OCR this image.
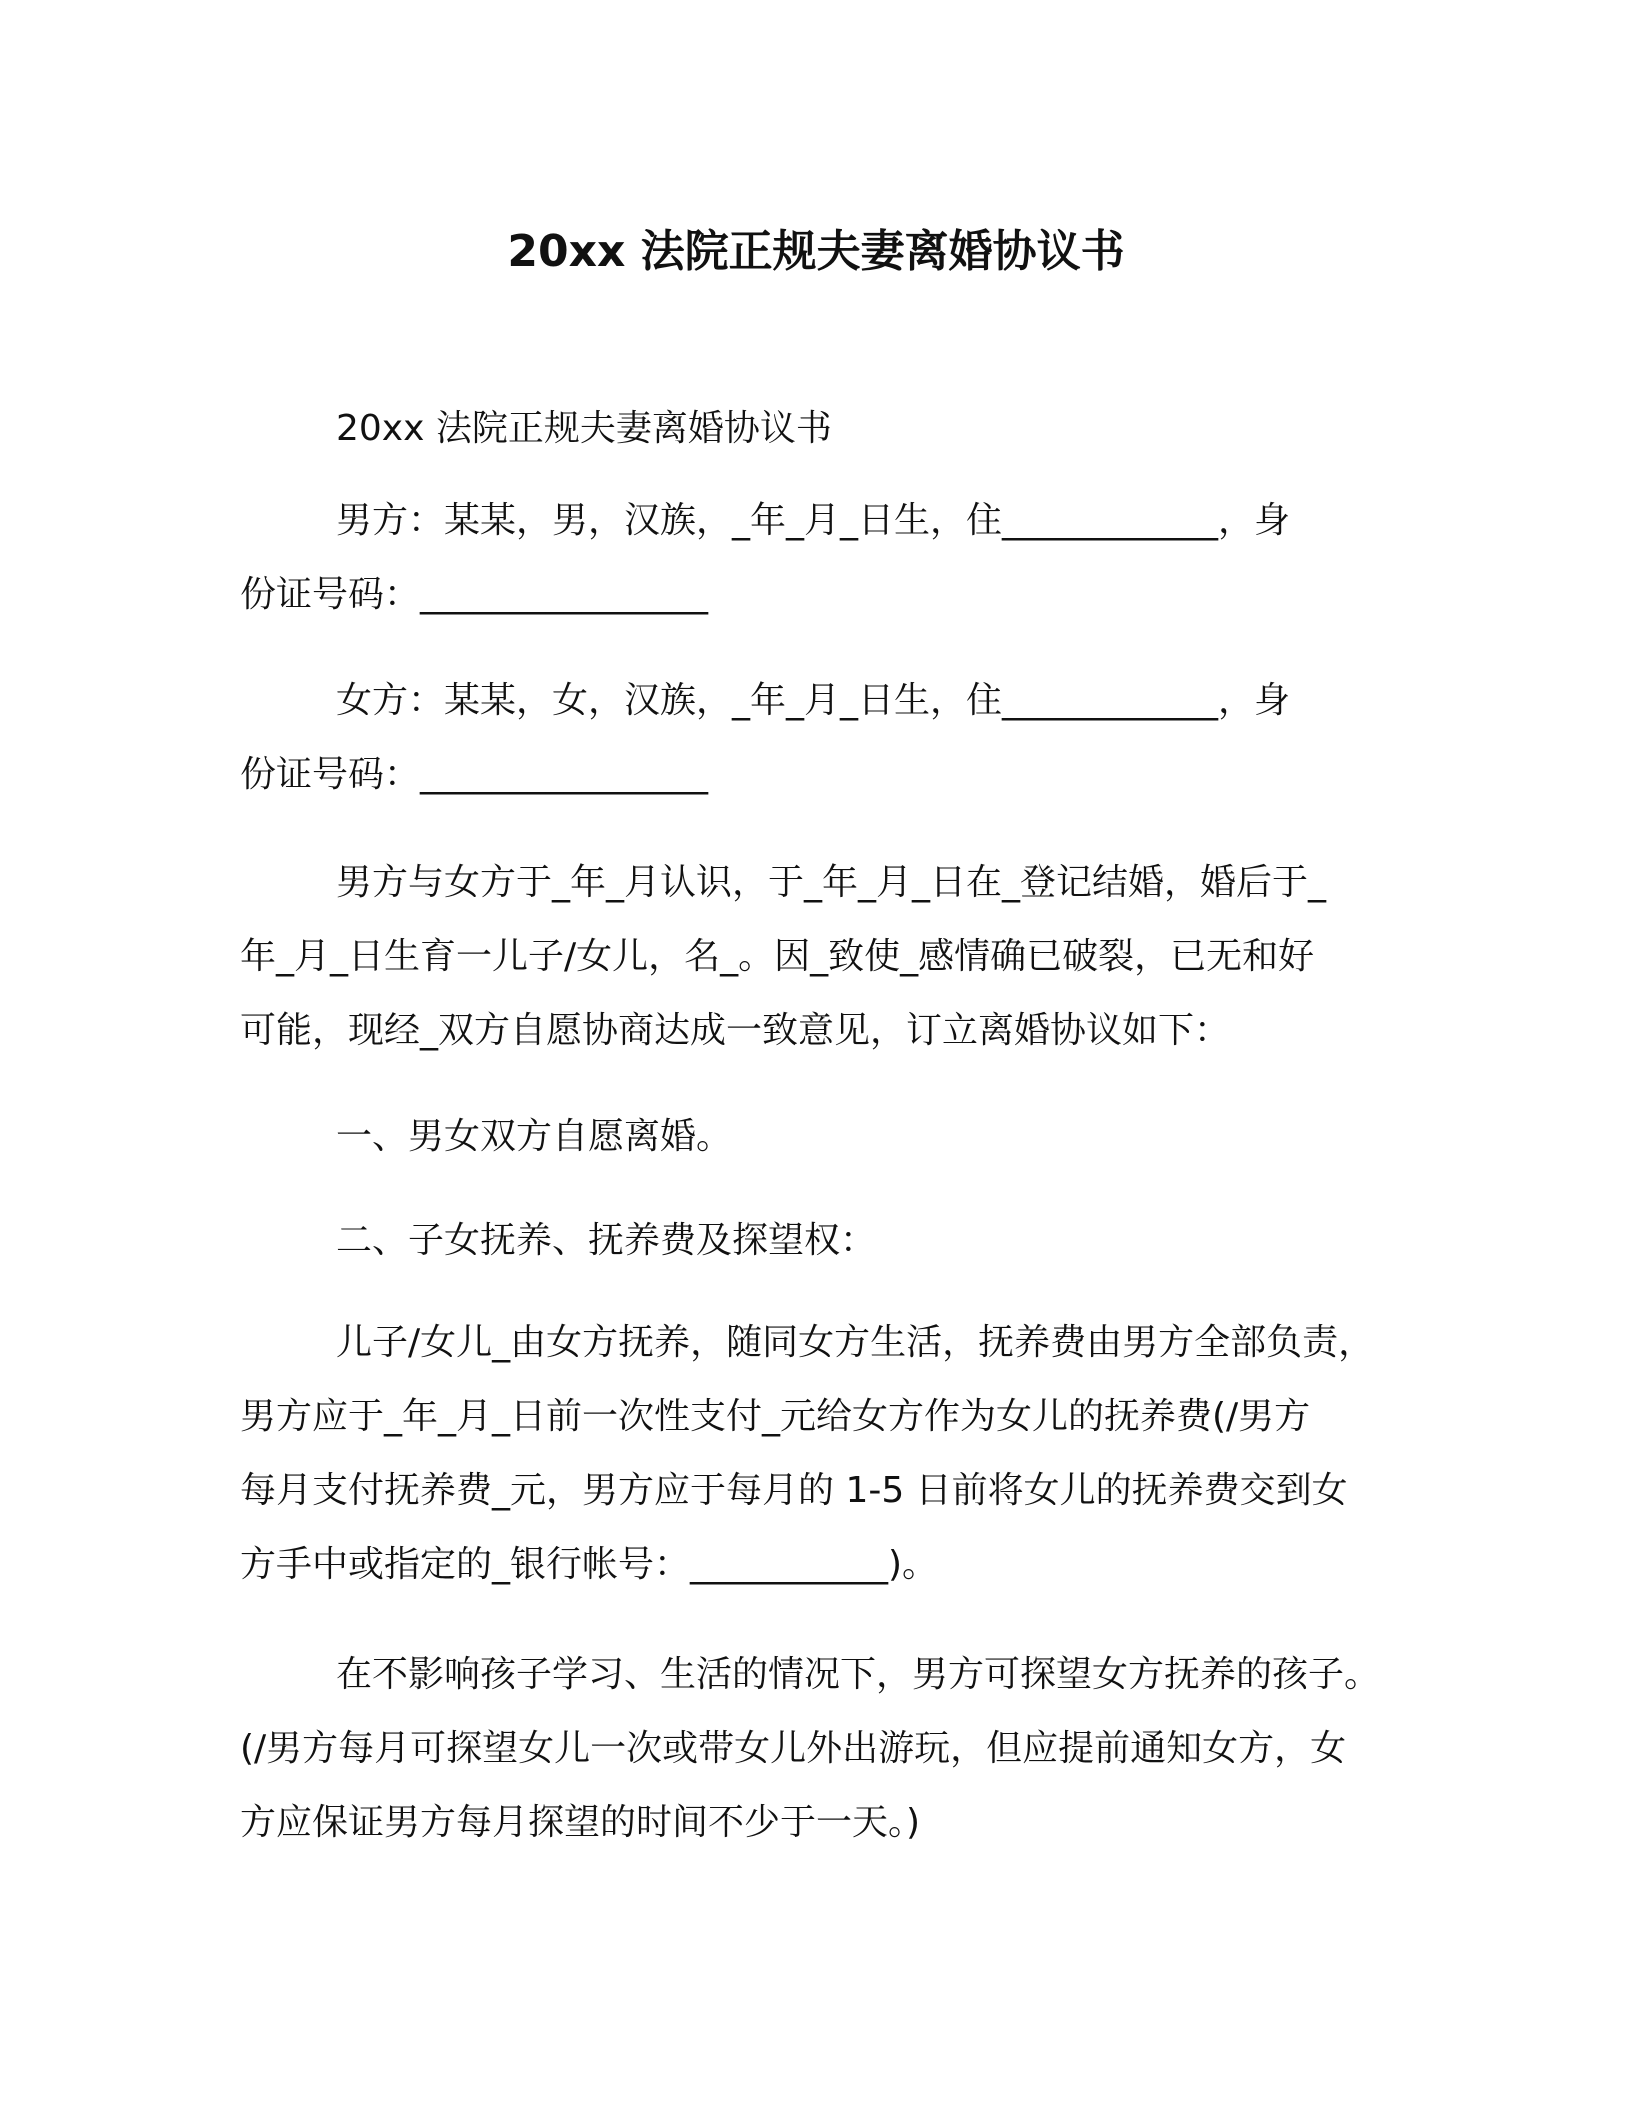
20xx 法院正规夫妻离婚协议书
20xx 法院正规夫妻离婚协议书
男方：某某，男，汉族，_年_月_日生，住____________，身
份证号码：________________
女方：某某，女，汉族，_年_月_日生，住____________，身
份证号码：________________
男方与女方于_年_月认识，于_年_月_日在_登记结婚，婚后于_
年_月_日生育一儿子/女儿，名_。因_致使_感情确已破裂，已无和好
可能，现经_双方自愿协商达成一致意见，订立离婚协议如下：
一、男女双方自愿离婚。
二、子女抚养、抚养费及探望权：
儿子/女儿_由女方抚养，随同女方生活，抚养费由男方全部负责，
男方应于_年_月_日前一次性支付_元给女方作为女儿的抚养费(/男方
每月支付抚养费_元，男方应于每月的 1-5 日前将女儿的抚养费交到女
方手中或指定的_银行帐号：___________)。
在不影响孩子学习、生活的情况下，男方可探望女方抚养的孩子。
(/男方每月可探望女儿一次或带女儿外出游玩，但应提前通知女方，女
方应保证男方每月探望的时间不少于一天。)
